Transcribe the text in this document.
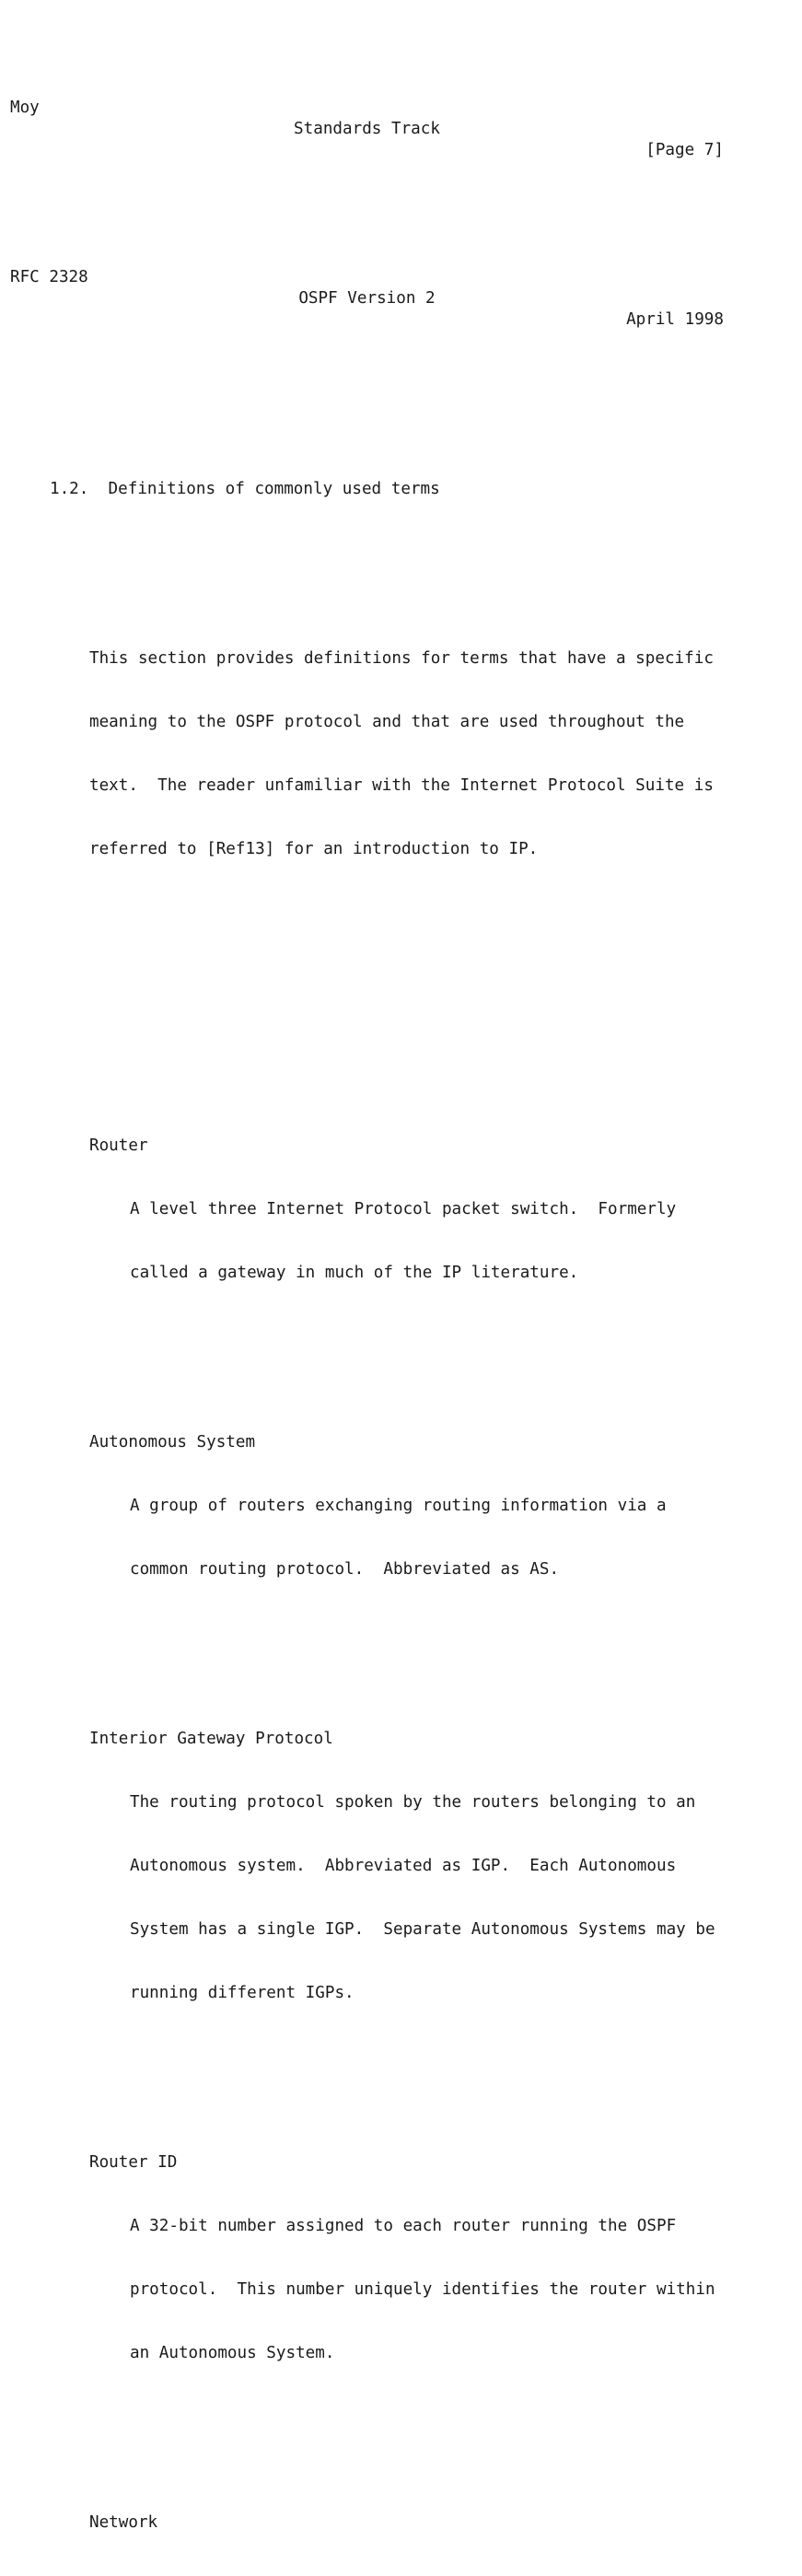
Moy

Standards Track

[Page 7]

RFC 2328

OSPF Version 2

April 1998

1.2.  Definitions of commonly used terms

This section provides definitions for terms that have a specific

meaning to the OSPF protocol and that are used throughout the

text.  The reader unfamiliar with the Internet Protocol Suite is

referred to [Ref13] for an introduction to IP.

Router

A level three Internet Protocol packet switch.  Formerly

called a gateway in much of the IP literature.

Autonomous System

A group of routers exchanging routing information via a

common routing protocol.  Abbreviated as AS.

Interior Gateway Protocol

The routing protocol spoken by the routers belonging to an

Autonomous system.  Abbreviated as IGP.  Each Autonomous

System has a single IGP.  Separate Autonomous Systems may be

running different IGPs.

Router ID

A 32-bit number assigned to each router running the OSPF

protocol.  This number uniquely identifies the router within

an Autonomous System.

Network
